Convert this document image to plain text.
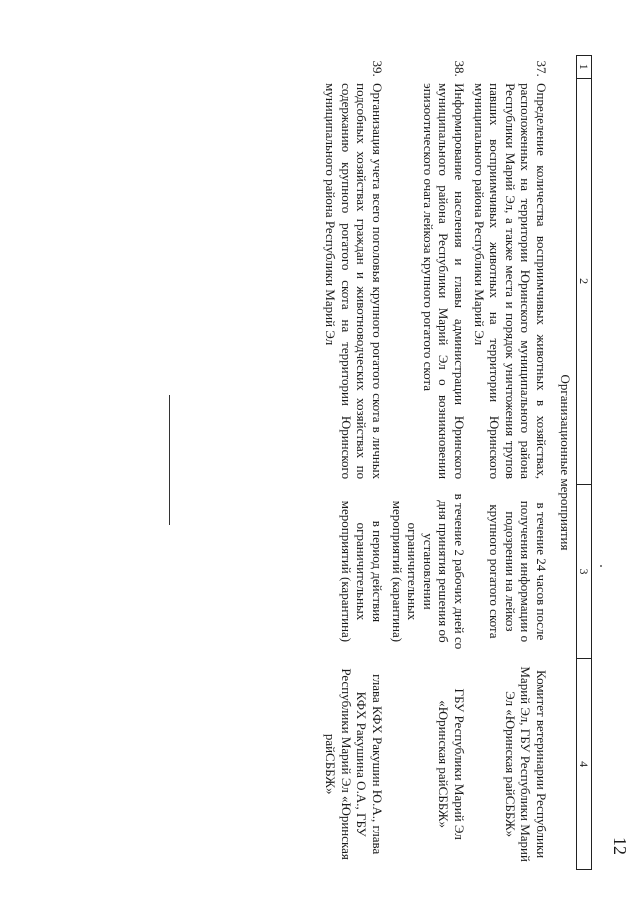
12
1	2	3	4
Организационные мероприятия			
37.	Определение количества восприимчивых животных в хозяйствах, расположенных на территории Юринского муниципального района Республики Марий Эл, а также места и порядок уничтожения трупов павших восприимчивых животных на территории Юринского муниципального района Республики Марий Эл	в течение 24 часов после получения информации о подозрении на лейкоз крупного рогатого скота	Комитет ветеринарии Республики Марий Эл, ГБУ Республики Марий Эл «Юринская райСББЖ»
38.	Информирование населения и главы администрации Юринского муниципального района Республики Марий Эл о возникновении эпизоотического очага лейкоза крупного рогатого скота	в течение 2 рабочих дней со дня принятия решения об установлении ограничительных мероприятий (карантина)	ГБУ Республики Марий Эл «Юринская райСББЖ»
39.	Организация учета всего поголовья крупного рогатого скота в личных подсобных хозяйствах граждан и животноводческих хозяйствах по содержанию крупного рогатого скота на территории Юринского муниципального района Республики Марий Эл	в период действия ограничительных мероприятий (карантина)	глава КФХ Ракушин Ю.А., глава КФХ Ракушина О.А., ГБУ Республики Марий Эл «Юринская райСББЖ»
